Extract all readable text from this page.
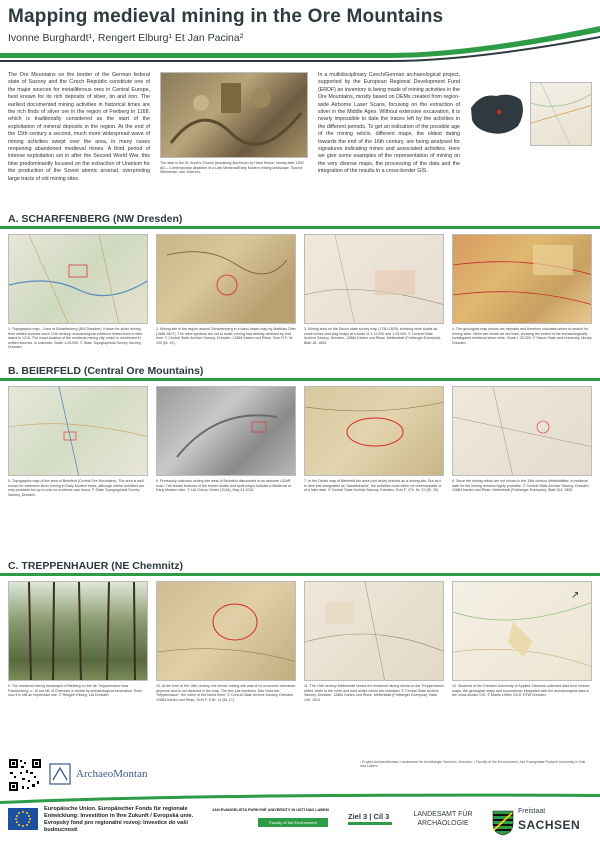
Mapping medieval mining in the Ore Mountains
Ivonne Burghardt¹, Rengert Elburg¹ Et Jan Pacina²
The Ore Mountains on the border of the German federal state of Saxony and the Czech Republic constitute one of the major sources for metalliferous ores in Central Europe, best known for its rich deposits of silver, tin and iron. The earliest documented mining activities in historical times are the rich finds of silver ore in the region of Freiberg in 1168, which is traditionally considered as the start of the exploitation of mineral deposits in the region. At the end of the 15th century a second, much more widespread wave of mining activities swept over the area, in many cases reopening abandoned medieval mines. A third period of intense exploitation set in after the Second World War, this time predominantly focused on the extraction of Uranium for the production of the Soviet atomic arsenal, overprinting large tracts of old mining sites.
The altar in the St. Anne's Church (Annaberg-Buchholz) by Hans Hesse, shortly after 1500 AD – Contemporary depiction of a Late Medieval/Early Modern mining landscape. Source: Wikimedia, user Jbarrero.
In a multidisciplinary Czech/German archaeological project, supported by the European Regional Development Fund (ERDF) an inventory is being made of mining activities in the Ore Mountains, mostly based on DEMs created from region-wide Airborne Laser Scans, focusing on the extraction of silver in the Middle Ages. Without extensive excavation, it is nearly impossible to date the traces left by the activities in the different periods. To get an indication of the possible age of the mining relicts, different maps, the oldest dating towards the end of the 16th century, are being analysed for signatures indicating mines and associated activities. Here we give some examples of the representation of mining on the very diverse maps, the processing of the data and the integration of the results in a cross-border GIS.
A. SCHARFENBERG (NW Dresden)
1. Topographic map – Area of Scharfenberg (NW Dresden). Known for silver mining from written sources since 12th century; archaeological evidence limited from a mine dated to 1216. The exact location of the medieval mining city, which is mentioned in written sources, is unknown. Scale 1:25.000. © State Topographical Survey Saxony, Dresden.
2. Mining site in the region around Scharfenberg in a hand-drawn map by Matthias Öder (1586-1607). The mine symbols are not to scale; mining had already declined by that time. © Central State Archive Saxony, Dresden, 12884 Karten und Risse, Schr R F. Nr. 100 (Bl. 10).
3. Mining area on the Saxon state survey map (1780-1825), showing mine shafts as small circles and slag heaps at a scale of 1:12.000 and 1:25.000. © Central State Archive Saxony, Dresden, 12884 Karten und Risse, Meilenblatt (Freiberger Exemplar), Blatt 18, 1805.
4. The geological map shows ore deposits and therefore indicates where to search for mining sites. Veins are shown as red lines, showing the extent of the archaeologically investigated medieval silver mine. Scale 1:25.000. © Saxon State and University Library Dresden.
B. BEIERFELD (Central Ore Mountains)
5. Topographic map of the area of Beierfeld (Central Ore Mountains). The area is well-known for extensive silver mining in Early Modern times, although earlier activities are only probable but up to now no evidence was found. © State Topographical Survey Saxony, Dresden.
6. Previously unknown mining site west of Beierfeld discovered in an airborne LiDAR scan. The terrain features of the former shafts and spoil heaps indicate a Medieval or Early Modern date. © LfA Grüna, Oeder (2018), May 24 2015.
7. In the Oeder map of Beierfeld the area (red circle) marked as a mining site. But as it is here just designated as 'Sandtschacht', the activities must either be unremarkable or of a later date. © Central State Archive Saxony, Dresden, Schr F. 37b, Nr. 22 (Bl. 35).
8. Since the mining relicts are not shown in the 19th century Meilenblätter, a medieval date for the mining remains highly probable. © Central State Archive Saxony, Dresden, 12884 Karten und Risse, Meilenblatt (Freiberger Exemplar), Blatt 224, 1830.
C. TREPPENHAUER (NE Chemnitz)
↗
9. The medieval mining landscape of Bleiberg on the hill Treppenhauer near Frankenberg, c. 10 km NE of Chemnitz is visible by archaeological excavation. Even now it is still an impressive site. © Rengert Elburg, LfA Dresden.
10. At the time of the 16th century, the former mining site was of no economic relevance anymore and is not depicted in the map. The text just mentions 'Das Holtz der Treppenhauer', the name of the forest there. © Central State Archive Saxony, Dresden, 12884 Karten und Risse, Schr F. 5 Nr. 14 (Bl. 17).
11. The 19th century Meilenblatt shows the medieval mining relicts on the Treppenhauer either, while to the north and east active mines are indicated. © Central State Archive Saxony, Dresden, 12884 Karten und Risse, Meilenblatt (Freiberger Exemplar), Blatt 140, 1813.
12. Students of the Dresden University of Applied Sciences collected data from historic maps, the geological maps and excavations; integrated with the archaeological data in the cross-border GIS. © Martin Löffler 2015, HTW Dresden.
ArchaeoMontan
¹ Projekt ArchaeoMontan, Landesamt für Archäologie Sachsen, Dresden; ² Faculty of the Environment, Jan Evangelista Purkyně University in Ústí nad Labem
Europäische Union. Europäischer Fonds für regionale Entwicklung: Investition in Ihre Zukunft / Evropská unie. Evropský fond pro regionální rozvoj: Investice do vaší budoucnosti
JAN EVANGELISTA PURKYNĚ UNIVERSITY IN ÚSTÍ NAD LABEM
Faculty of the Environment
Ziel 3 | Cíl 3	LANDESAMT FÜR ARCHÄOLOGIE
Freistaat
SACHSEN
